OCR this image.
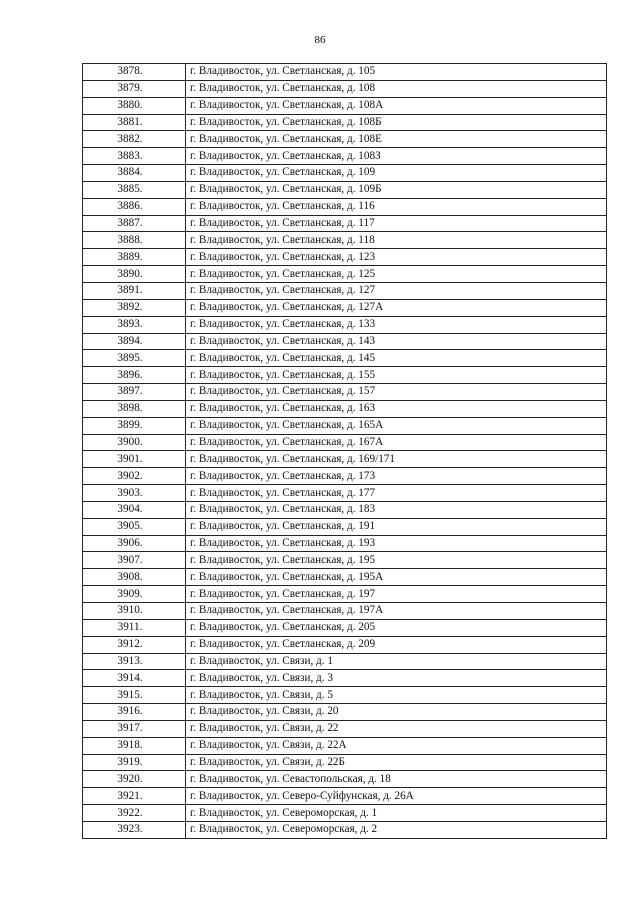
86
3878.	г. Владивосток, ул. Светланская, д. 105
3879.	г. Владивосток, ул. Светланская, д. 108
3880.	г. Владивосток, ул. Светланская, д. 108А
3881.	г. Владивосток, ул. Светланская, д. 108Б
3882.	г. Владивосток, ул. Светланская, д. 108Е
3883.	г. Владивосток, ул. Светланская, д. 108З
3884.	г. Владивосток, ул. Светланская, д. 109
3885.	г. Владивосток, ул. Светланская, д. 109Б
3886.	г. Владивосток, ул. Светланская, д. 116
3887.	г. Владивосток, ул. Светланская, д. 117
3888.	г. Владивосток, ул. Светланская, д. 118
3889.	г. Владивосток, ул. Светланская, д. 123
3890.	г. Владивосток, ул. Светланская, д. 125
3891.	г. Владивосток, ул. Светланская, д. 127
3892.	г. Владивосток, ул. Светланская, д. 127А
3893.	г. Владивосток, ул. Светланская, д. 133
3894.	г. Владивосток, ул. Светланская, д. 143
3895.	г. Владивосток, ул. Светланская, д. 145
3896.	г. Владивосток, ул. Светланская, д. 155
3897.	г. Владивосток, ул. Светланская, д. 157
3898.	г. Владивосток, ул. Светланская, д. 163
3899.	г. Владивосток, ул. Светланская, д. 165А
3900.	г. Владивосток, ул. Светланская, д. 167А
3901.	г. Владивосток, ул. Светланская, д. 169/171
3902.	г. Владивосток, ул. Светланская, д. 173
3903.	г. Владивосток, ул. Светланская, д. 177
3904.	г. Владивосток, ул. Светланская, д. 183
3905.	г. Владивосток, ул. Светланская, д. 191
3906.	г. Владивосток, ул. Светланская, д. 193
3907.	г. Владивосток, ул. Светланская, д. 195
3908.	г. Владивосток, ул. Светланская, д. 195А
3909.	г. Владивосток, ул. Светланская, д. 197
3910.	г. Владивосток, ул. Светланская, д. 197А
3911.	г. Владивосток, ул. Светланская, д. 205
3912.	г. Владивосток, ул. Светланская, д. 209
3913.	г. Владивосток, ул. Связи, д. 1
3914.	г. Владивосток, ул. Связи, д. 3
3915.	г. Владивосток, ул. Связи, д. 5
3916.	г. Владивосток, ул. Связи, д. 20
3917.	г. Владивосток, ул. Связи, д. 22
3918.	г. Владивосток, ул. Связи, д. 22А
3919.	г. Владивосток, ул. Связи, д. 22Б
3920.	г. Владивосток, ул. Севастопольская, д. 18
3921.	г. Владивосток, ул. Северо-Суйфунская, д. 26А
3922.	г. Владивосток, ул. Североморская, д. 1
3923.	г. Владивосток, ул. Североморская, д. 2
